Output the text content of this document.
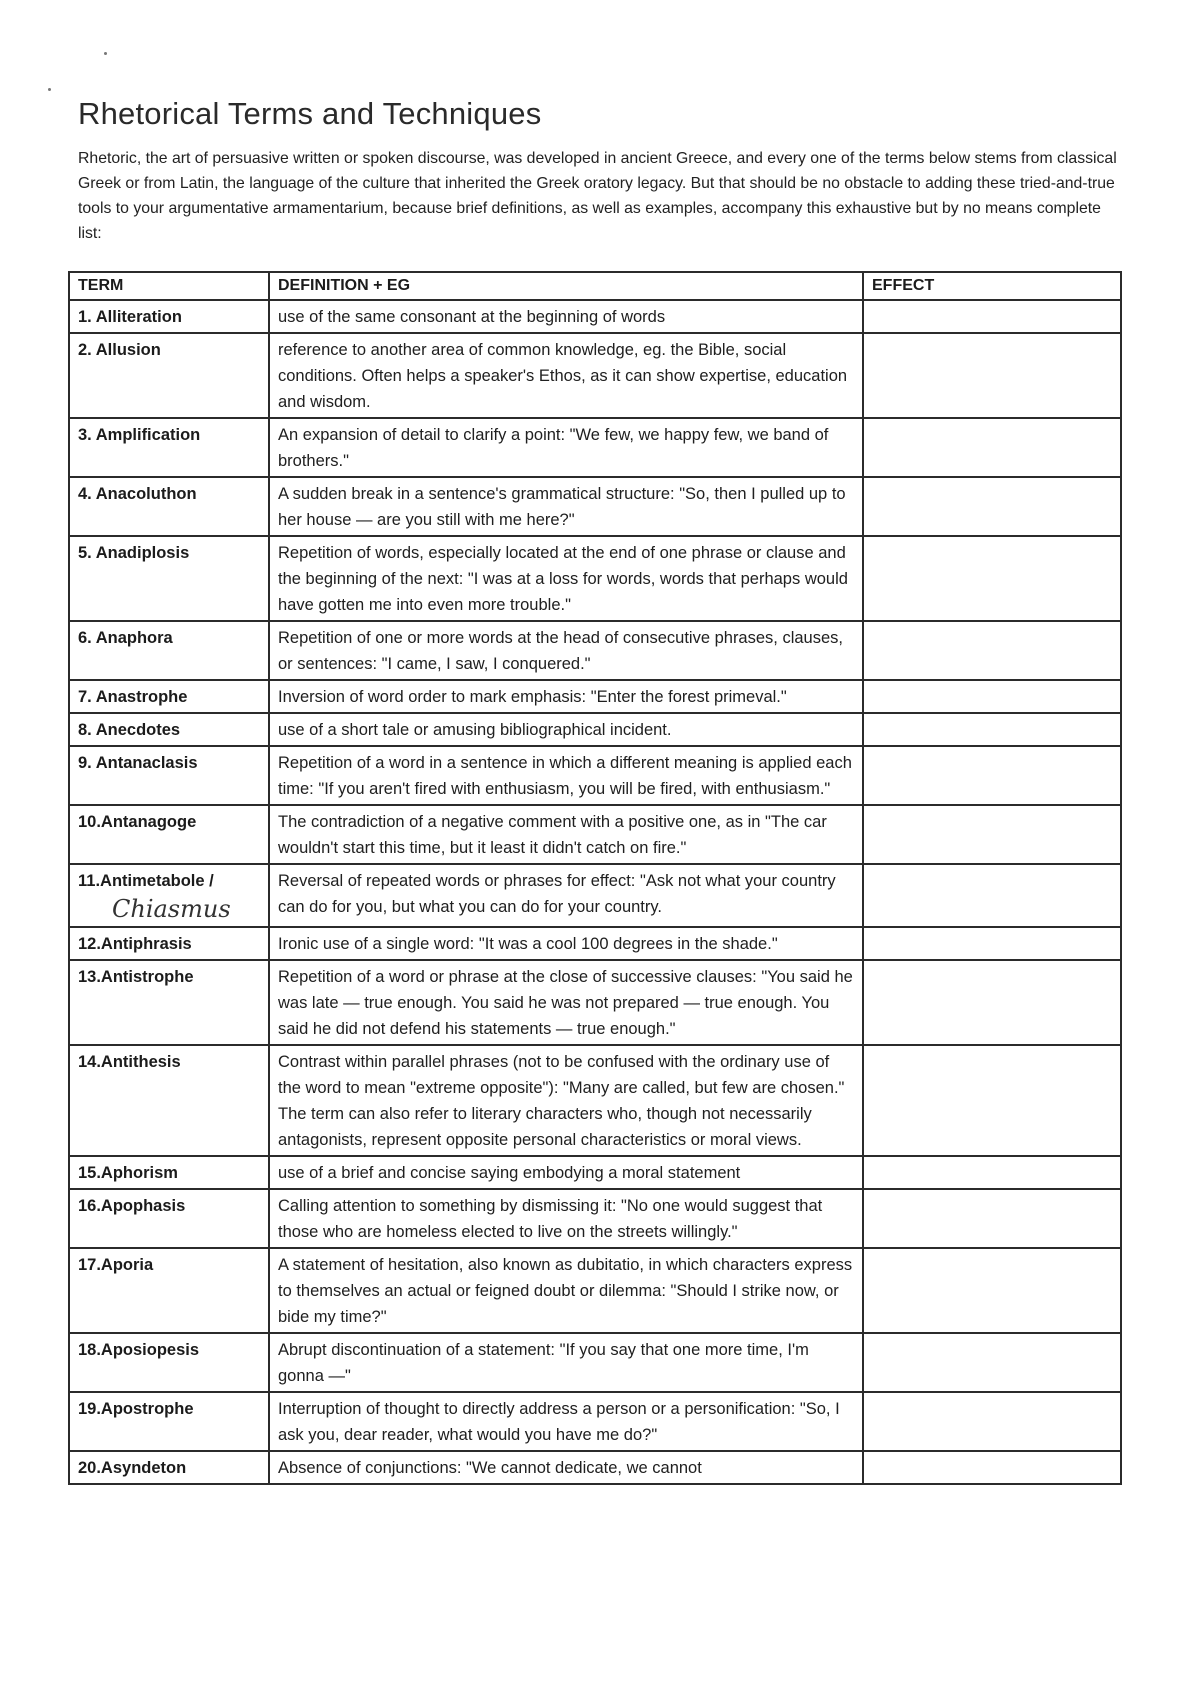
Rhetorical Terms and Techniques
Rhetoric, the art of persuasive written or spoken discourse, was developed in ancient Greece, and every one of the terms below stems from classical Greek or from Latin, the language of the culture that inherited the Greek oratory legacy. But that should be no obstacle to adding these tried-and-true tools to your argumentative armamentarium, because brief definitions, as well as examples, accompany this exhaustive but by no means complete list:
TERM	DEFINITION + EG	EFFECT
1. Alliteration	use of the same consonant at the beginning of words	
2. Allusion	reference to another area of common knowledge, eg. the Bible, social conditions. Often helps a speaker's Ethos, as it can show expertise, education and wisdom.	
3. Amplification	An expansion of detail to clarify a point: "We few, we happy few, we band of brothers."	
4. Anacoluthon	A sudden break in a sentence's grammatical structure: "So, then I pulled up to her house — are you still with me here?"	
5. Anadiplosis	Repetition of words, especially located at the end of one phrase or clause and the beginning of the next: "I was at a loss for words, words that perhaps would have gotten me into even more trouble."	
6. Anaphora	Repetition of one or more words at the head of consecutive phrases, clauses, or sentences: "I came, I saw, I conquered."	
7. Anastrophe	Inversion of word order to mark emphasis: "Enter the forest primeval."	
8. Anecdotes	use of a short tale or amusing bibliographical incident.	
9. Antanaclasis	Repetition of a word in a sentence in which a different meaning is applied each time: "If you aren't fired with enthusiasm, you will be fired, with enthusiasm."	
10.Antanagoge	The contradiction of a negative comment with a positive one, as in "The car wouldn't start this time, but it least it didn't catch on fire."	
11.Antimetabole /
Chiasmus	Reversal of repeated words or phrases for effect: "Ask not what your country can do for you, but what you can do for your country.	
12.Antiphrasis	Ironic use of a single word: "It was a cool 100 degrees in the shade."	
13.Antistrophe	Repetition of a word or phrase at the close of successive clauses: "You said he was late — true enough. You said he was not prepared — true enough. You said he did not defend his statements — true enough."	
14.Antithesis	Contrast within parallel phrases (not to be confused with the ordinary use of the word to mean "extreme opposite"): "Many are called, but few are chosen." The term can also refer to literary characters who, though not necessarily antagonists, represent opposite personal characteristics or moral views.	
15.Aphorism	use of a brief and concise saying embodying a moral statement	
16.Apophasis	Calling attention to something by dismissing it: "No one would suggest that those who are homeless elected to live on the streets willingly."	
17.Aporia	A statement of hesitation, also known as dubitatio, in which characters express to themselves an actual or feigned doubt or dilemma: "Should I strike now, or bide my time?"	
18.Aposiopesis	Abrupt discontinuation of a statement: "If you say that one more time, I'm gonna —"	
19.Apostrophe	Interruption of thought to directly address a person or a personification: "So, I ask you, dear reader, what would you have me do?"	
20.Asyndeton	Absence of conjunctions: "We cannot dedicate, we cannot	
